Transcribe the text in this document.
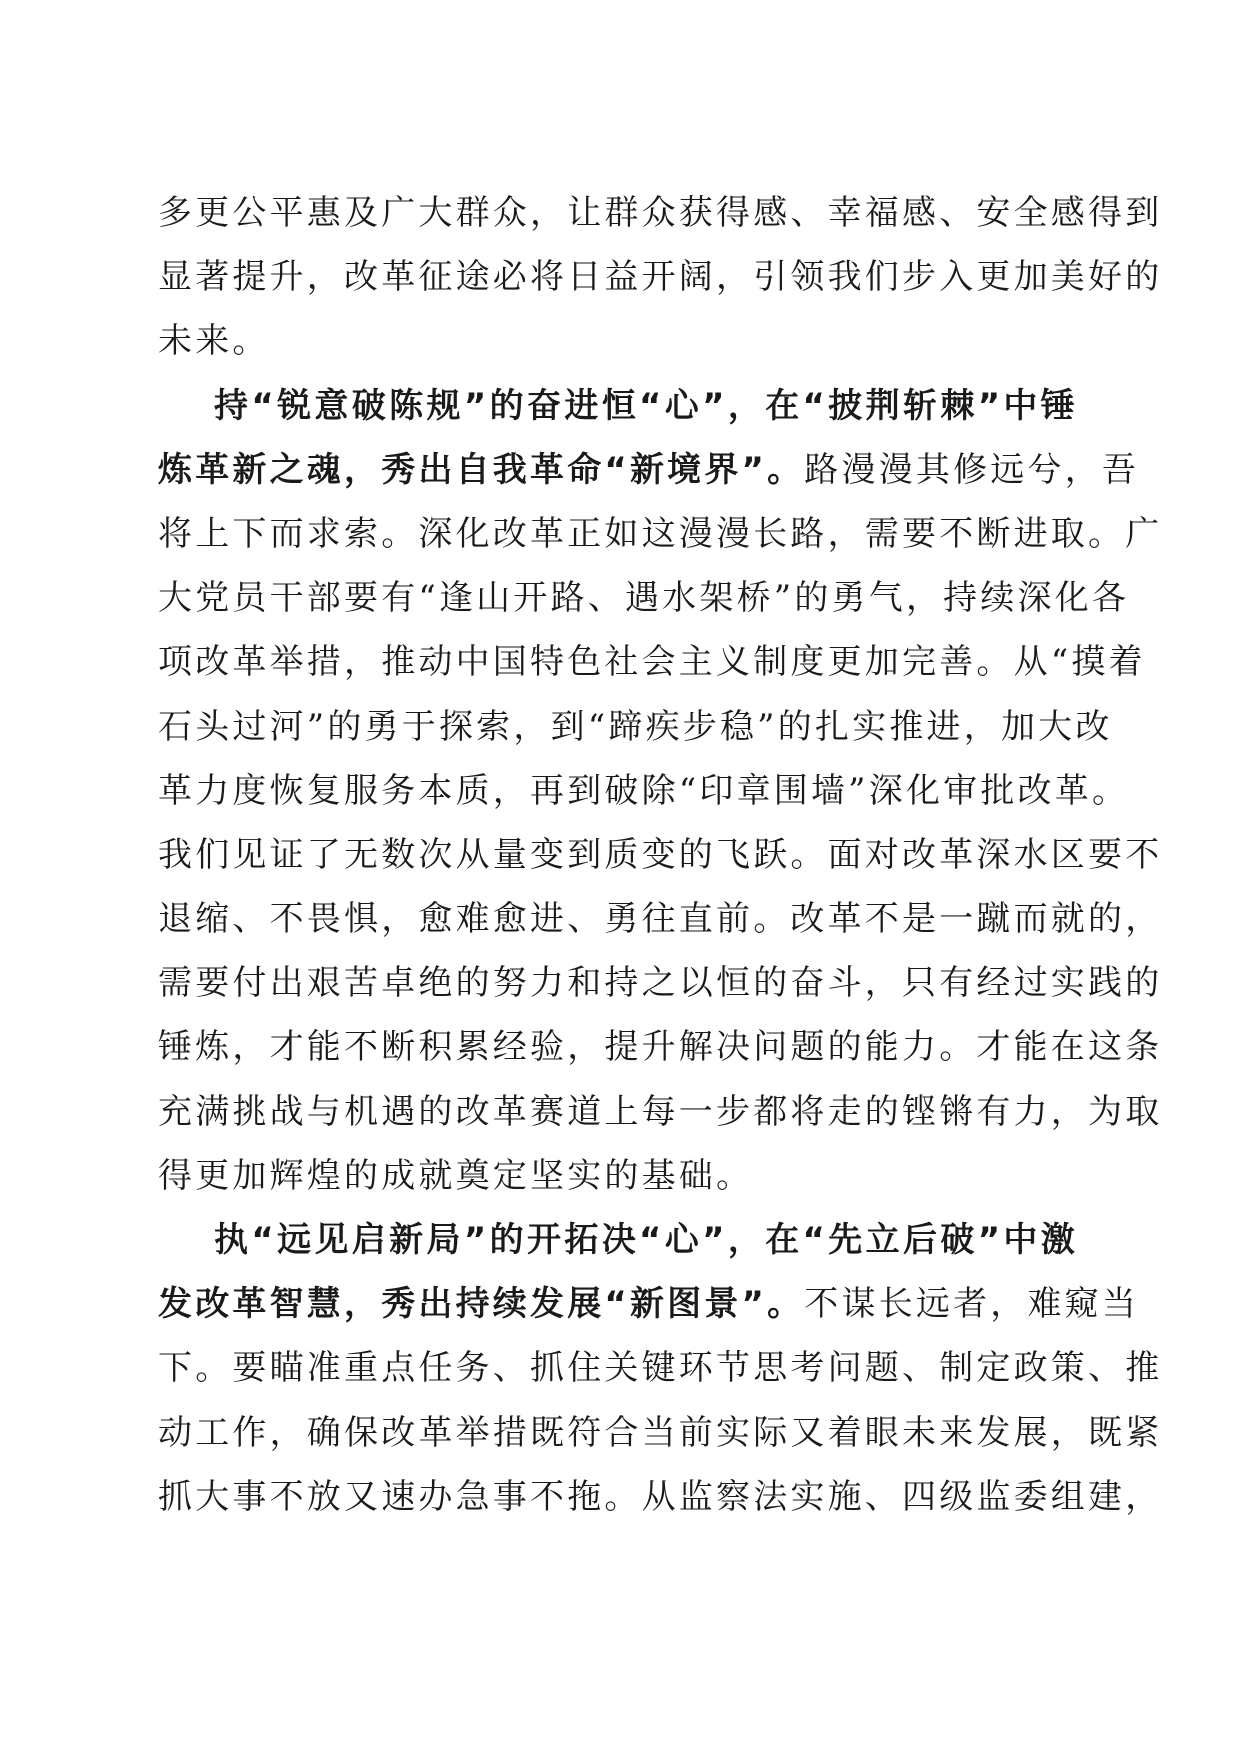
多更公平惠及广大群众，让群众获得感、幸福感、安全感得到
显著提升，改革征途必将日益开阔，引领我们步入更加美好的
未来。
持“锐意破陈规”的奋进恒“心”，在“披荆斩棘”中锤
炼革新之魂，秀出自我革命“新境界”。路漫漫其修远兮，吾
将上下而求索。深化改革正如这漫漫长路，需要不断进取。广
大党员干部要有“逢山开路、遇水架桥”的勇气，持续深化各
项改革举措，推动中国特色社会主义制度更加完善。从“摸着
石头过河”的勇于探索，到“蹄疾步稳”的扎实推进，加大改
革力度恢复服务本质，再到破除“印章围墙”深化审批改革。
我们见证了无数次从量变到质变的飞跃。面对改革深水区要不
退缩、不畏惧，愈难愈进、勇往直前。改革不是一蹴而就的，
需要付出艰苦卓绝的努力和持之以恒的奋斗，只有经过实践的
锤炼，才能不断积累经验，提升解决问题的能力。才能在这条
充满挑战与机遇的改革赛道上每一步都将走的铿锵有力，为取
得更加辉煌的成就奠定坚实的基础。
执“远见启新局”的开拓决“心”，在“先立后破”中激
发改革智慧，秀出持续发展“新图景”。不谋长远者，难窥当
下。要瞄准重点任务、抓住关键环节思考问题、制定政策、推
动工作，确保改革举措既符合当前实际又着眼未来发展，既紧
抓大事不放又速办急事不拖。从监察法实施、四级监委组建，
